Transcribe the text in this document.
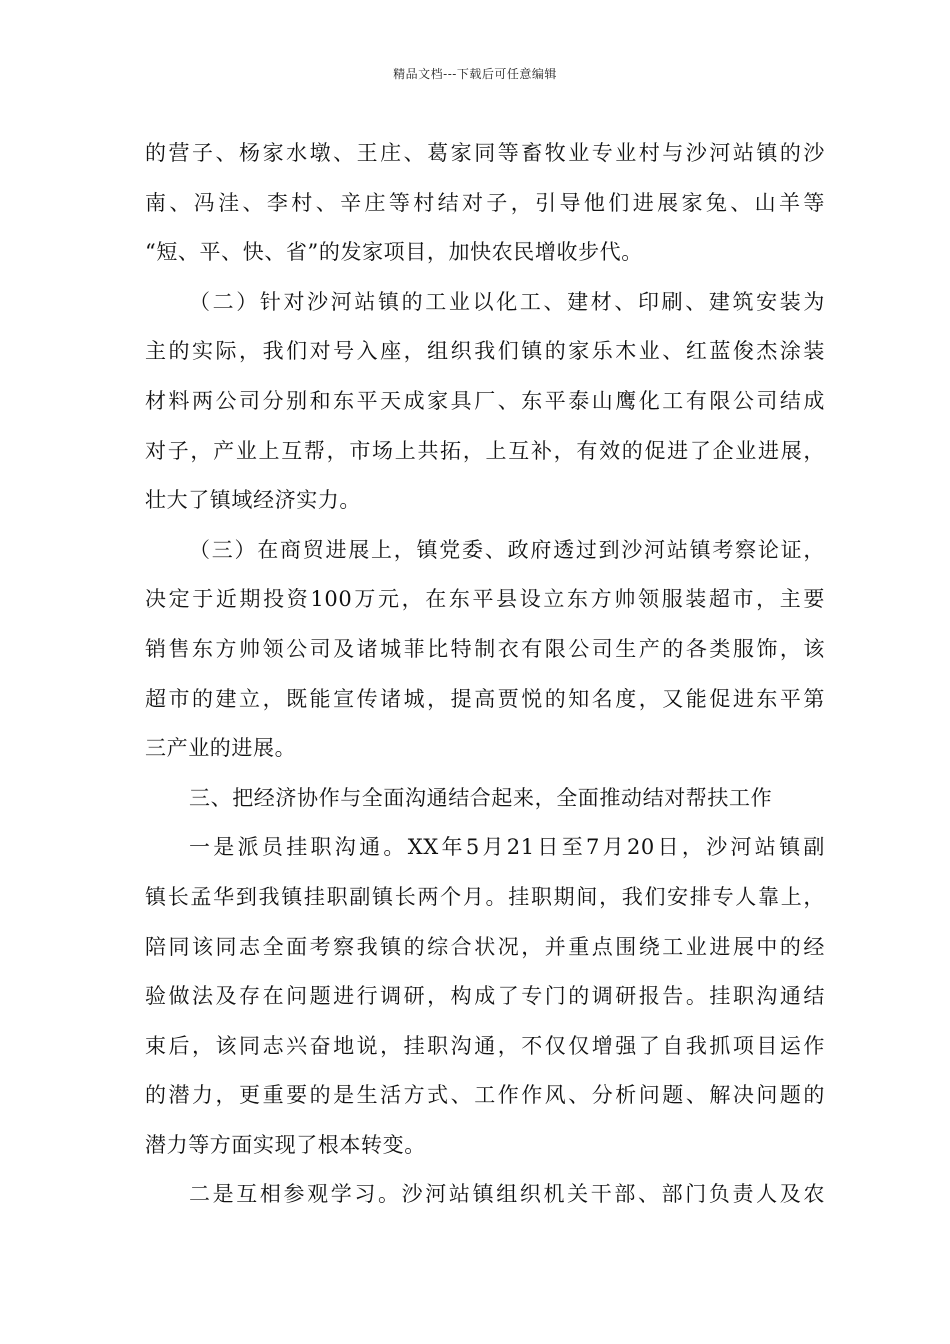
精品文档---下载后可任意编辑
的营子、杨家水墩、王庄、葛家同等畜牧业专业村与沙河站镇的沙
南、冯洼、李村、辛庄等村结对子，引导他们进展家兔、山羊等
“短、平、快、省”的发家项目，加快农民增收步代。
（二）针对沙河站镇的工业以化工、建材、印刷、建筑安装为
主的实际，我们对号入座，组织我们镇的家乐木业、红蓝俊杰涂装
材料两公司分别和东平天成家具厂、东平泰山鹰化工有限公司结成
对子，产业上互帮，市场上共拓，上互补，有效的促进了企业进展，
壮大了镇域经济实力。
（三）在商贸进展上，镇党委、政府透过到沙河站镇考察论证，
决定于近期投资100万元，在东平县设立东方帅领服装超市，主要
销售东方帅领公司及诸城菲比特制衣有限公司生产的各类服饰，该
超市的建立，既能宣传诸城，提高贾悦的知名度，又能促进东平第
三产业的进展。
三、把经济协作与全面沟通结合起来，全面推动结对帮扶工作
一是派员挂职沟通。XX年5月21日至7月20日，沙河站镇副
镇长孟华到我镇挂职副镇长两个月。挂职期间，我们安排专人靠上，
陪同该同志全面考察我镇的综合状况，并重点围绕工业进展中的经
验做法及存在问题进行调研，构成了专门的调研报告。挂职沟通结
束后，该同志兴奋地说，挂职沟通，不仅仅增强了自我抓项目运作
的潜力，更重要的是生活方式、工作作风、分析问题、解决问题的
潜力等方面实现了根本转变。
二是互相参观学习。沙河站镇组织机关干部、部门负责人及农
